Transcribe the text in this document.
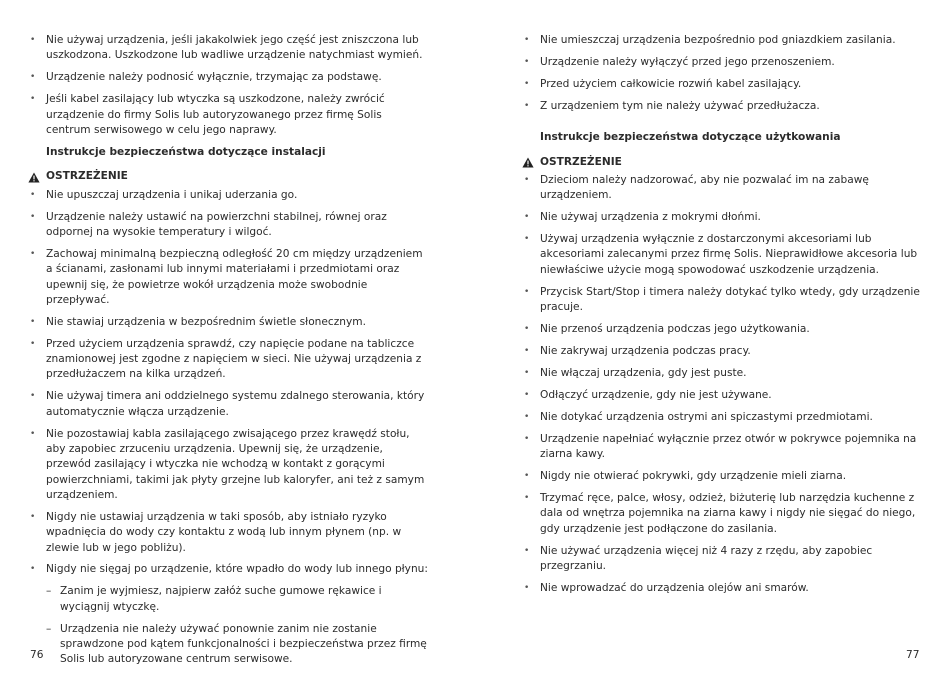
• Nie używaj urządzenia, jeśli jakakolwiek jego część jest zniszczona lub uszkodzona. Uszkodzone lub wadliwe urządzenie natychmiast wymień.
• Urządzenie należy podnosić wyłącznie, trzymając za podstawę.
• Jeśli kabel zasilający lub wtyczka są uszkodzone, należy zwrócić urządzenie do firmy Solis lub autoryzowanego przez firmę Solis centrum serwisowego w celu jego naprawy.
Instrukcje bezpieczeństwa dotyczące instalacji
OSTRZEŻENIE
• Nie upuszczaj urządzenia i unikaj uderzania go.
• Urządzenie należy ustawić na powierzchni stabilnej, równej oraz odpornej na wysokie temperatury i wilgoć.
• Zachowaj minimalną bezpieczną odległość 20 cm między urządzeniem a ścianami, zasłonami lub innymi materiałami i przedmiotami oraz upewnij się, że powietrze wokół urządzenia może swobodnie przepływać.
• Nie stawiaj urządzenia w bezpośrednim świetle słonecznym.
• Przed użyciem urządzenia sprawdź, czy napięcie podane na tabliczce znamionowej jest zgodne z napięciem w sieci. Nie używaj urządzenia z przedłużaczem na kilka urządzeń.
• Nie używaj timera ani oddzielnego systemu zdalnego sterowania, który automatycznie włącza urządzenie.
• Nie pozostawiaj kabla zasilającego zwisającego przez krawędź stołu, aby zapobiec zrzuceniu urządzenia. Upewnij się, że urządzenie, przewód zasilający i wtyczka nie wchodzą w kontakt z gorącymi powierzchniami, takimi jak płyty grzejne lub kaloryfer, ani też z samym urządzeniem.
• Nigdy nie ustawiaj urządzenia w taki sposób, aby istniało ryzyko wpadnięcia do wody czy kontaktu z wodą lub innym płynem (np. w zlewie lub w jego pobliżu).
• Nigdy nie sięgaj po urządzenie, które wpadło do wody lub innego płynu:
– Zanim je wyjmiesz, najpierw załóż suche gumowe rękawice i wyciągnij wtyczkę.
– Urządzenia nie należy używać ponownie zanim nie zostanie sprawdzone pod kątem funkcjonalności i bezpieczeństwa przez firmę Solis lub autoryzowane centrum serwisowe.
• Nie umieszczaj urządzenia bezpośrednio pod gniazdkiem zasilania.
• Urządzenie należy wyłączyć przed jego przenoszeniem.
• Przed użyciem całkowicie rozwiń kabel zasilający.
• Z urządzeniem tym nie należy używać przedłużacza.
Instrukcje bezpieczeństwa dotyczące użytkowania
OSTRZEŻENIE
• Dzieciom należy nadzorować, aby nie pozwalać im na zabawę urządzeniem.
• Nie używaj urządzenia z mokrymi dłońmi.
• Używaj urządzenia wyłącznie z dostarczonymi akcesoriami lub akcesoriami zalecanymi przez firmę Solis. Nieprawidłowe akcesoria lub niewłaściwe użycie mogą spowodować uszkodzenie urządzenia.
• Przycisk Start/Stop i timera należy dotykać tylko wtedy, gdy urządzenie pracuje.
• Nie przenoś urządzenia podczas jego użytkowania.
• Nie zakrywaj urządzenia podczas pracy.
• Nie włączaj urządzenia, gdy jest puste.
• Odłączyć urządzenie, gdy nie jest używane.
• Nie dotykać urządzenia ostrymi ani spiczastymi przedmiotami.
• Urządzenie napełniać wyłącznie przez otwór w pokrywce pojemnika na ziarna kawy.
• Nigdy nie otwierać pokrywki, gdy urządzenie mieli ziarna.
• Trzymać ręce, palce, włosy, odzież, biżuterię lub narzędzia kuchenne z dala od wnętrza pojemnika na ziarna kawy i nigdy nie sięgać do niego, gdy urządzenie jest podłączone do zasilania.
• Nie używać urządzenia więcej niż 4 razy z rzędu, aby zapobiec przegrzaniu.
• Nie wprowadzać do urządzenia olejów ani smarów.
76	77
